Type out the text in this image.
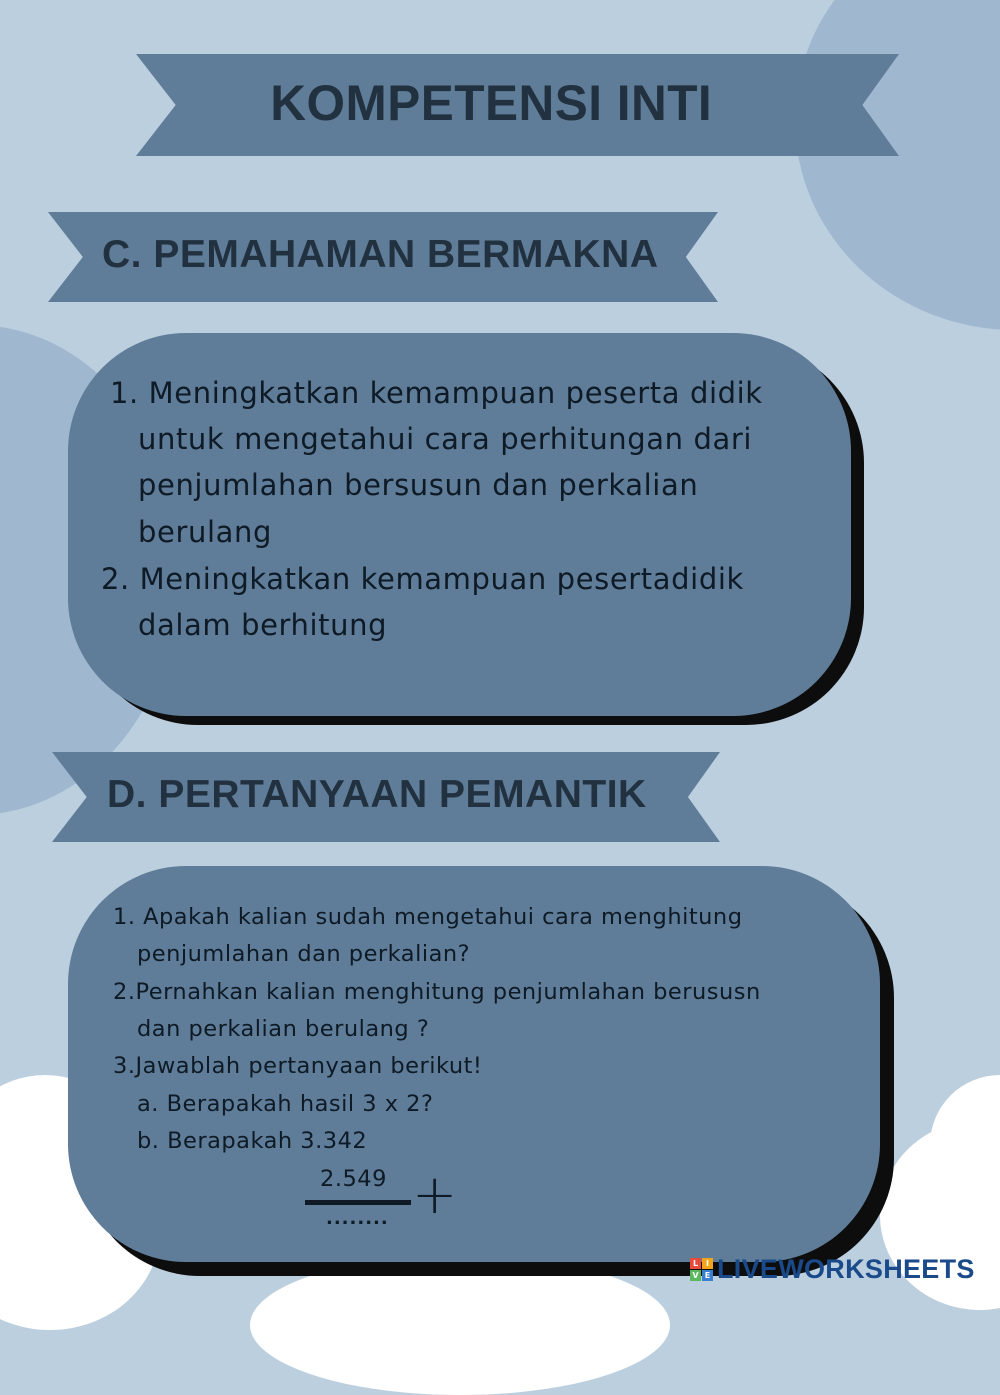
KOMPETENSI INTI
C. PEMAHAMAN BERMAKNA
1. Meningkatkan kemampuan peserta didik
untuk mengetahui cara perhitungan dari
penjumlahan bersusun dan perkalian
berulang
2. Meningkatkan kemampuan pesertadidik
dalam berhitung
D. PERTANYAAN PEMANTIK
1. Apakah kalian sudah mengetahui cara menghitung
penjumlahan dan perkalian?
2.Pernahkan kalian menghitung penjumlahan berususn
dan perkalian berulang ?
3.Jawablah pertanyaan berikut!
a. Berapakah hasil 3 x 2?
b. Berapakah 3.342
2.549 +
........
L I
V E LIVEWORKSHEETS
